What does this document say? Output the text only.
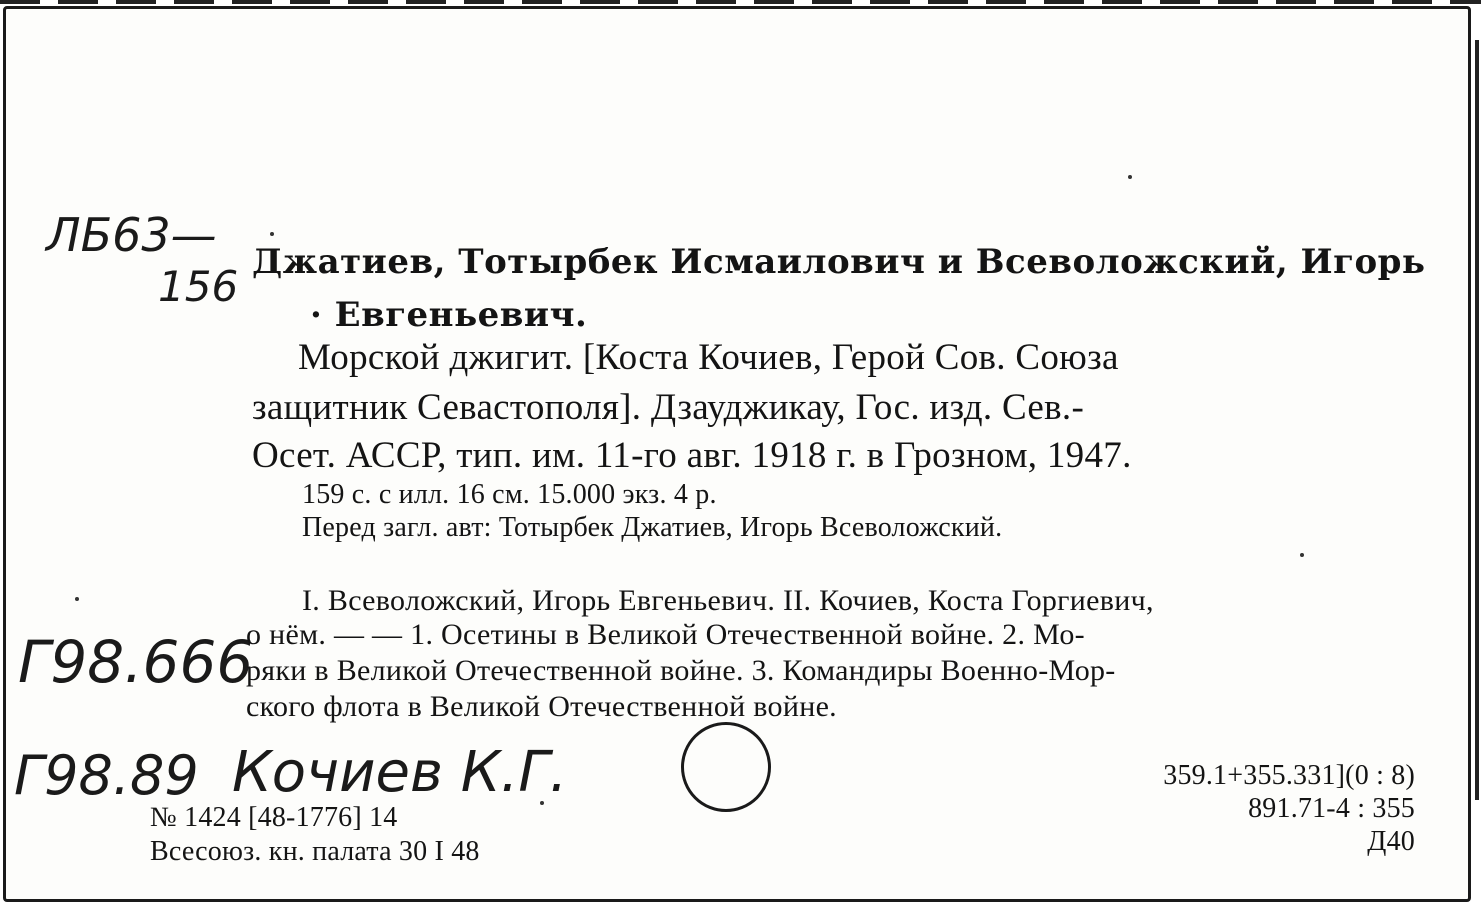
ЛБ63—
156
Г98.666
Г98.89 Кочиев К.Г.
Джатиев, Тотырбек Исмаилович и Всеволожский, Игорь
· Евгеньевич.
Морской джигит. [Коста Кочиев, Герой Сов. Союза
защитник Севастополя]. Дзауджикау, Гос. изд. Сев.-
Осет. АССР, тип. им. 11-го авг. 1918 г. в Грозном, 1947.
159 с. с илл. 16 см. 15.000 экз. 4 р.
Перед загл. авт: Тотырбек Джатиев, Игорь Всеволожский.
I. Всеволожский, Игорь Евгеньевич. II. Кочиев, Коста Горгиевич,
о нём. — — 1. Осетины в Великой Отечественной войне. 2. Мо-
ряки в Великой Отечественной войне. 3. Командиры Военно-Мор-
ского флота в Великой Отечественной войне.
№ 1424 [48-1776] 14
Всесоюз. кн. палата 30 I 48
359.1+355.331](0 : 8)
891.71-4 : 355
Д40
